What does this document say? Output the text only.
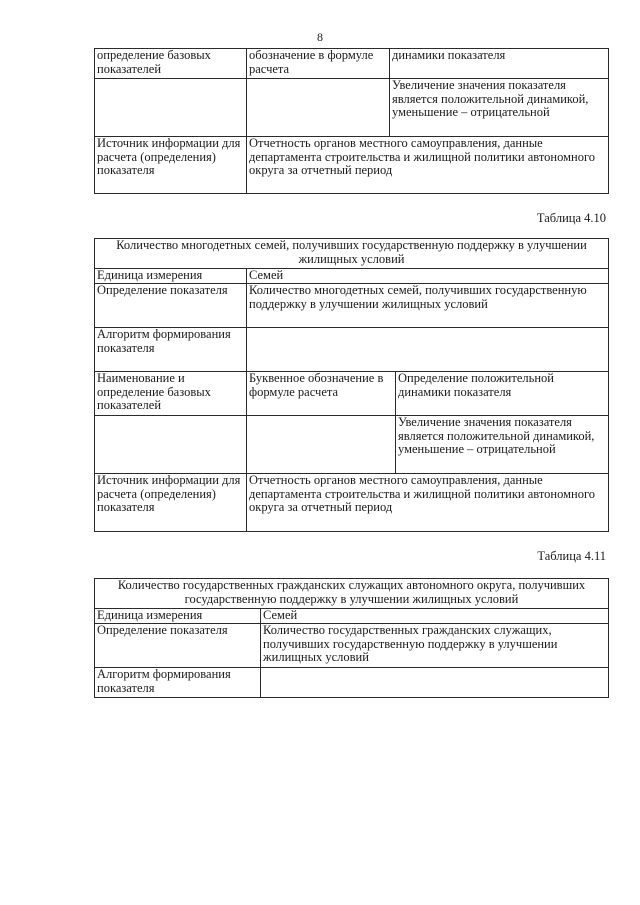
8
определение базовых показателей	обозначение в формуле расчета	динамики показателя
		Увеличение значения показателя является положительной динамикой, уменьшение – отрицательной
Источник информации для расчета (определения) показателя	Отчетность органов местного самоуправления, данные департамента строительства и жилищной политики автономного округа за отчетный период	
Таблица 4.10
Количество многодетных семей, получивших государственную поддержку в улучшении жилищных условий		
Единица измерения	Семей	
Определение показателя	Количество многодетных семей, получивших государственную поддержку в улучшении жилищных условий	
Алгоритм формирования показателя		
Наименование и определение базовых показателей	Буквенное обозначение в формуле расчета	Определение положительной динамики показателя
		Увеличение значения показателя является положительной динамикой, уменьшение – отрицательной
Источник информации для расчета (определения) показателя	Отчетность органов местного самоуправления, данные департамента строительства и жилищной политики автономного округа за отчетный период	
Таблица 4.11
Количество государственных гражданских служащих автономного округа, получивших государственную поддержку в улучшении жилищных условий	
Единица измерения	Семей
Определение показателя	Количество государственных гражданских служащих, получивших государственную поддержку в улучшении жилищных условий
Алгоритм формирования показателя	
